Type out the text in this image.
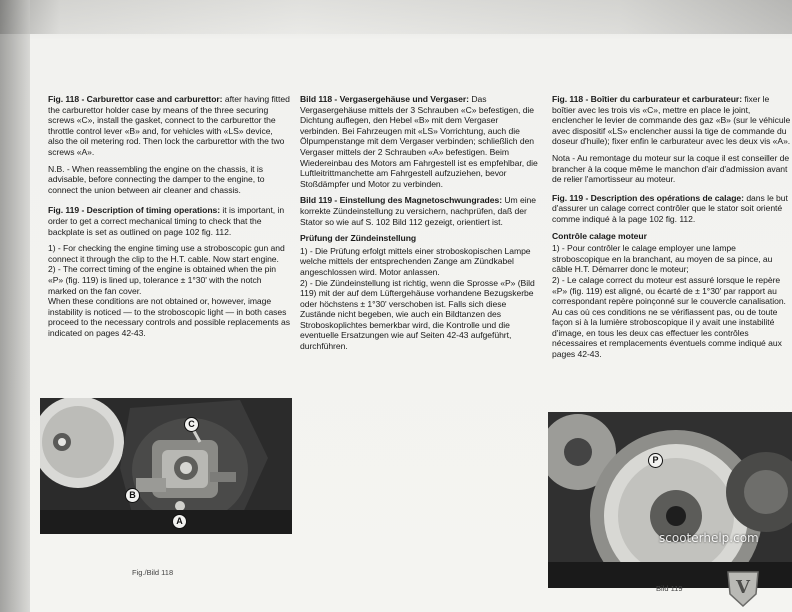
Fig. 118 - Carburettor case and carburettor: after having fitted the carburettor holder case by means of the three securing screws «C», install the gasket, connect to the carburettor the throttle control lever «B» and, for vehicles with «LS» device, also the oil metering rod. Then lock the carburettor with the two screws «A».

N.B. - When reassembling the engine on the chassis, it is advisable, before connecting the damper to the engine, to connect the union between air cleaner and chassis.

Fig. 119 - Description of timing operations: it is important, in order to get a correct mechanical timing to check that the backplate is set as outlined on page 102 fig. 112.

1) - For checking the engine timing use a stroboscopic gun and connect it through the clip to the H.T. cable. Now start engine.

2) - The correct timing of the engine is obtained when the pin «P» (fig. 119) is lined up, tolerance ± 1°30' with the notch marked on the fan cover.

When these conditions are not obtained or, however, image instability is noticed — to the stroboscopic light — in both cases proceed to the necessary controls and possible replacements as indicated on pages 42-43.

Bild 118 - Vergasergehäuse und Vergaser: Das Vergasergehäuse mittels der 3 Schrauben «C» befestigen, die Dichtung auflegen, den Hebel «B» mit dem Vergaser verbinden. Bei Fahrzeugen mit «LS» Vorrichtung, auch die Ölpumpenstange mit dem Vergaser verbinden; schließlich den Vergaser mittels der 2 Schrauben «A» befestigen. Beim Wiedereinbau des Motors am Fahrgestell ist es empfehlbar, die Luftleitrittmanchette am Fahrgestell aufzuziehen, bevor Stoßdämpfer und Motor zu verbinden.

Bild 119 - Einstellung des Magnetoschwungrades: Um eine korrekte Zündeinstellung zu versichern, nachprüfen, daß der Stator so wie auf S. 102 Bild 112 gezeigt, orientiert ist.

Prüfung der Zündeinstellung

1) - Die Prüfung erfolgt mittels einer stroboskopischen Lampe welche mittels der entsprechenden Zange am Zündkabel angeschlossen wird. Motor anlassen.

2) - Die Zündeinstellung ist richtig, wenn die Sprosse «P» (Bild 119) mit der auf dem Lüftergehäuse vorhandene Bezugskerbe oder höchstens ± 1°30' verschoben ist. Falls sich diese Zustände nicht begeben, wie auch ein Bildtanzen des Stroboskoplichtes bemerkbar wird, die Kontrolle und die eventuelle Ersatzungen wie auf Seiten 42-43 aufgeführt, durchführen.

Fig. 118 - Boîtier du carburateur et carburateur: fixer le boîtier avec les trois vis «C», mettre en place le joint, enclencher le levier de commande des gaz «B» (sur le véhicule avec dispositif «LS» enclencher aussi la tige de commande du doseur d'huile); fixer enfin le carburateur avec les deux vis «A».

Nota - Au remontage du moteur sur la coque il est conseiller de brancher à la coque même le manchon d'air d'admission avant de relier l'amortisseur au moteur.

Fig. 119 - Description des opérations de calage: dans le but d'assurer un calage correct contrôler que le stator soit orienté comme indiqué à la page 102 fig. 112.

Contrôle calage moteur

1) - Pour contrôler le calage employer une lampe stroboscopique en la branchant, au moyen de sa pince, au câble H.T. Démarrer donc le moteur;

2) - Le calage correct du moteur est assuré lorsque le repère «P» (fig. 119) est aligné, ou écarté de ± 1°30' par rapport au correspondant repère poinçonné sur le couvercle canalisation. Au cas où ces conditions ne se vérifiassent pas, ou de toute façon si à la lumière stroboscopique il y avait une instabilité d'image, en tous les deux cas effectuer les contrôles nécessaires et remplacements éventuels comme indiqué aux pages 42-43.

C
B
A
Fig./Bild 118
P
Bild 119
scooterhelp.com
V
